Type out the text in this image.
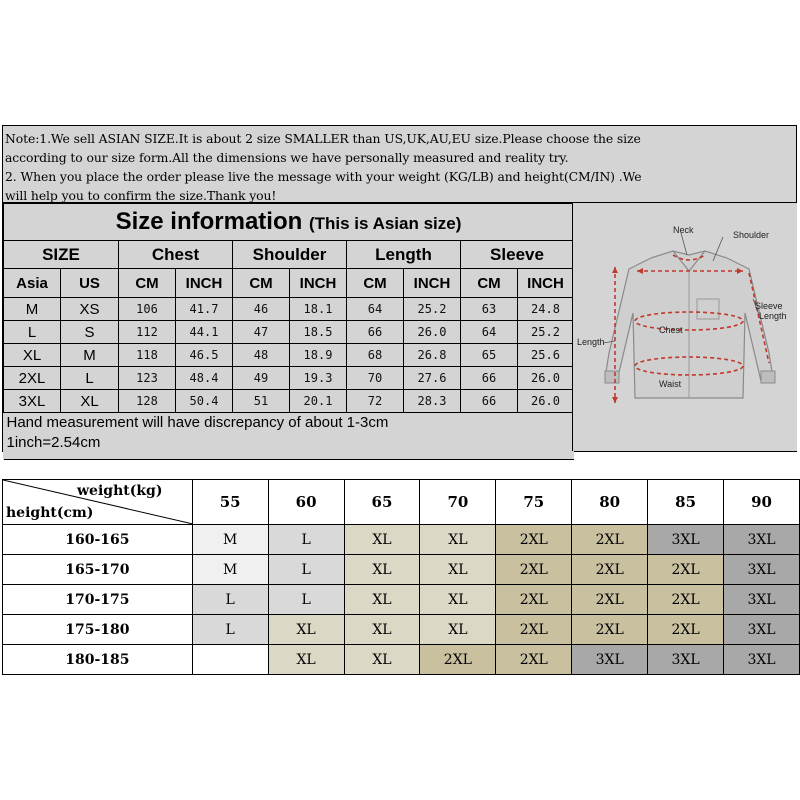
Note:1.We sell ASIAN SIZE.It is about 2 size SMALLER than US,UK,AU,EU size.Please choose the size
according to our size form.All the dimensions we have personally measured and reality try.
2. When you place the order please live the message with your weight (KG/LB) and height(CM/IN) .We
will help you to confirm the size.Thank you!
Size information (This is Asian size)									
SIZE		Chest		Shoulder		Length		Sleeve	
Asia	US	CM	INCH	CM	INCH	CM	INCH	CM	INCH
M	XS	106	41.7	46	18.1	64	25.2	63	24.8
L	S	112	44.1	47	18.5	66	26.0	64	25.2
XL	M	118	46.5	48	18.9	68	26.8	65	25.6
2XL	L	123	48.4	49	19.3	70	27.6	66	26.0
3XL	XL	128	50.4	51	20.1	72	28.3	66	26.0

Hand measurement will have discrepancy of about 1-3cm
1inch=2.54cm									
Neck	Shoulder
Sleeve
Length
Length
Chest
Waist
weight(kg)
height(cm)	55	60	65	70	75	80	85	90
160-165	M	L	XL	XL	2XL	2XL	3XL	3XL
165-170	M	L	XL	XL	2XL	2XL	2XL	3XL
170-175	L	L	XL	XL	2XL	2XL	2XL	3XL
175-180	L	XL	XL	XL	2XL	2XL	2XL	3XL
180-185		XL	XL	2XL	2XL	3XL	3XL	3XL
